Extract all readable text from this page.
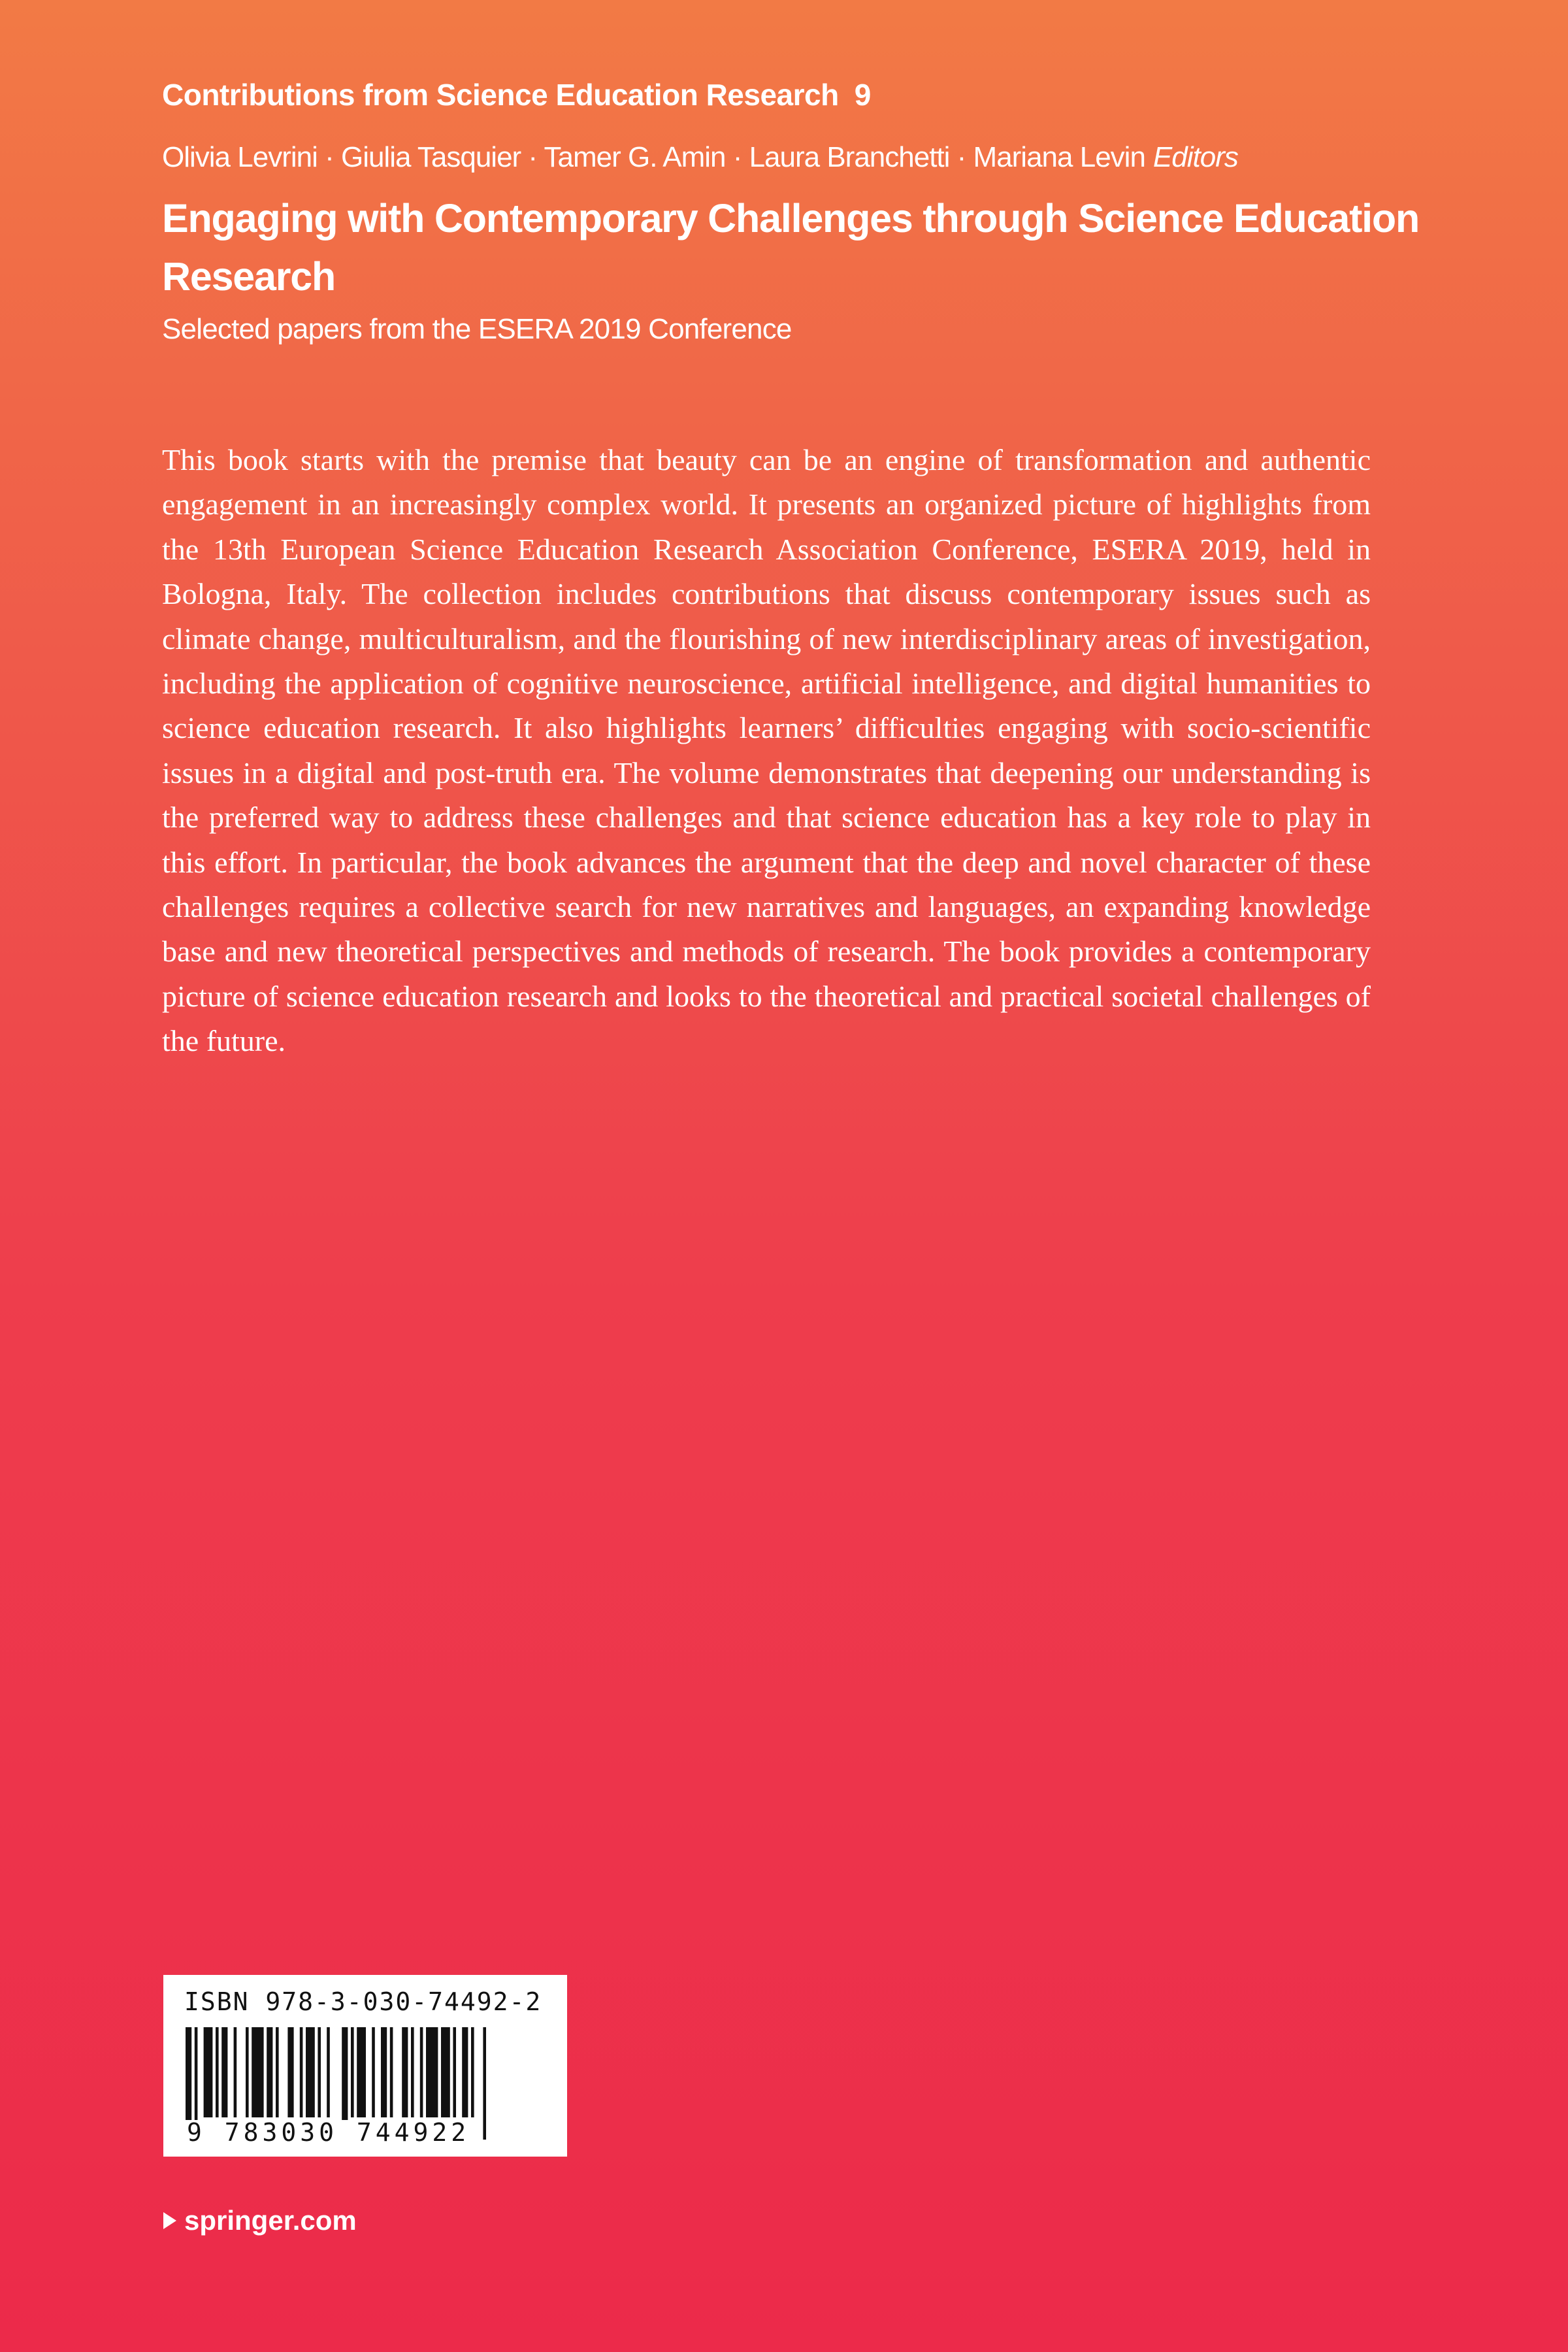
Contributions from Science Education Research 9
Olivia Levrini · Giulia Tasquier · Tamer G. Amin · Laura Branchetti · Mariana Levin Editors
Engaging with Contemporary Challenges through Science Education Research
Selected papers from the ESERA 2019 Conference
This book starts with the premise that beauty can be an engine of transformation and authentic engagement in an increasingly complex world. It presents an organized picture of highlights from the 13th European Science Education Research Association Conference, ESERA 2019, held in Bologna, Italy. The collection includes contributions that discuss contemporary issues such as climate change, multiculturalism, and the flourishing of new interdisciplinary areas of investigation, including the application of cognitive neuroscience, artificial intelligence, and digital humanities to science education research. It also highlights learners’ difficulties engaging with socio-scientific issues in a digital and post-truth era. The volume demonstrates that deepening our understanding is the preferred way to address these challenges and that science education has a key role to play in this effort. In particular, the book advances the argument that the deep and novel character of these challenges requires a collective search for new narratives and languages, an expanding knowledge base and new theoretical perspectives and methods of research. The book provides a contemporary picture of science education research and looks to the theoretical and practical societal challenges of the future.
ISBN 978-3-030-74492-2
9 783030 744922
springer.com
